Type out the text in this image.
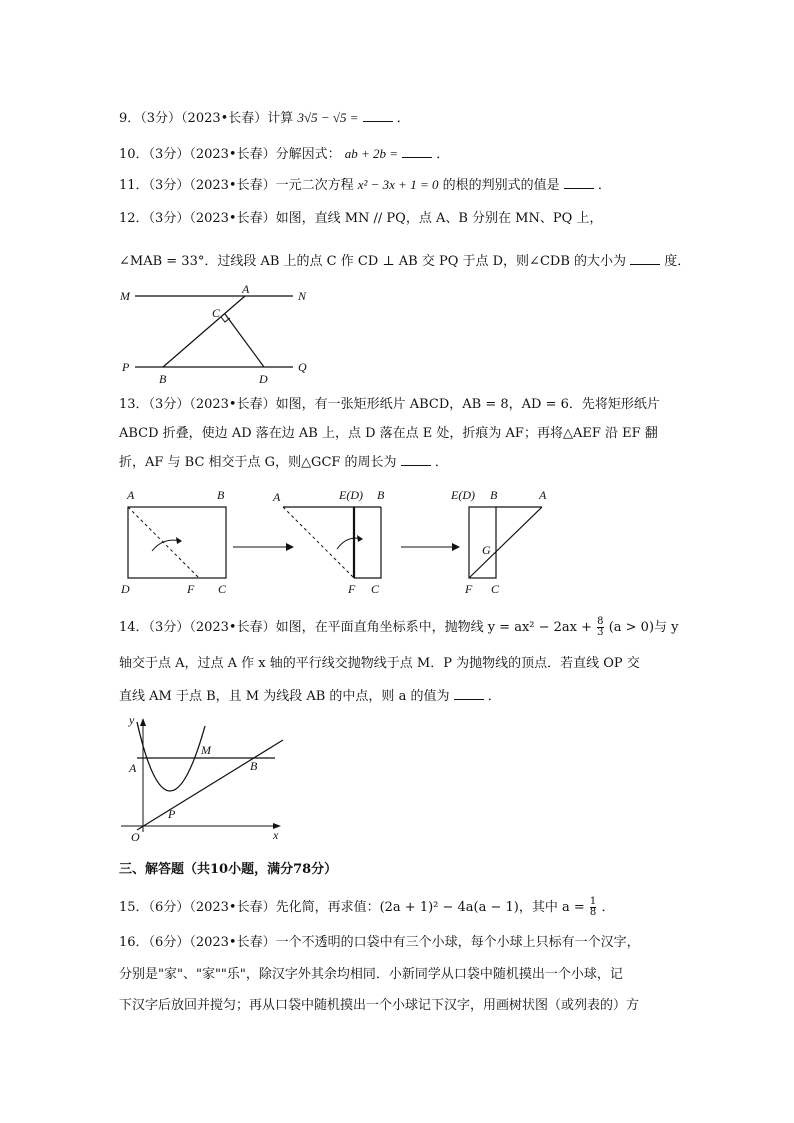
9．（3分）（2023•长春）计算 3√5 − √5 =	．
10．（3分）（2023•长春）分解因式： ab + 2b =	．
11．（3分）（2023•长春）一元二次方程 x² − 3x + 1 = 0 的根的判别式的值是	．
12．（3分）（2023•长春）如图，直线 MN // PQ，点 A、B 分别在 MN、PQ 上，
∠MAB = 33°．过线段 AB 上的点 C 作 CD ⊥ AB 交 PQ 于点 D，则∠CDB 的大小为	度．
M	A	N
C
P
B	D
Q
13．（3分）（2023•长春）如图，有一张矩形纸片 ABCD，AB = 8，AD = 6．先将矩形纸片
ABCD 折叠，使边 AD 落在边 AB 上，点 D 落在点 E 处，折痕为 AF；再将△AEF 沿 EF 翻
折，AF 与 BC 相交于点 G，则△GCF 的周长为	．
A	B
D	F C
A	E(D) B
F C
E(D) B	A
G
F C
14．（3分）（2023•长春）如图，在平面直角坐标系中，抛物线 $y = ax^2 - 2ax + \frac{8}{3} (a > 0)$与 y
轴交于点 A，过点 A 作 x 轴的平行线交抛物线于点 M．P 为抛物线的顶点．若直线 OP 交
直线 AM 于点 B，且 M 为线段 AB 的中点，则 a 的值为	．
y
M
A	B
P
O	x
三、解答题（共10小题，满分78分）
15．（6分）（2023•长春）先化简，再求值：(2a + 1)² − 4a(a − 1)，其中 $a = \frac{1}{8}$ ．
16．（6分）（2023•长春）一个不透明的口袋中有三个小球，每个小球上只标有一个汉字，
分别是"家"、"家""乐"，除汉字外其余均相同．小新同学从口袋中随机摸出一个小球，记
下汉字后放回并搅匀；再从口袋中随机摸出一个小球记下汉字，用画树状图（或列表的）方
